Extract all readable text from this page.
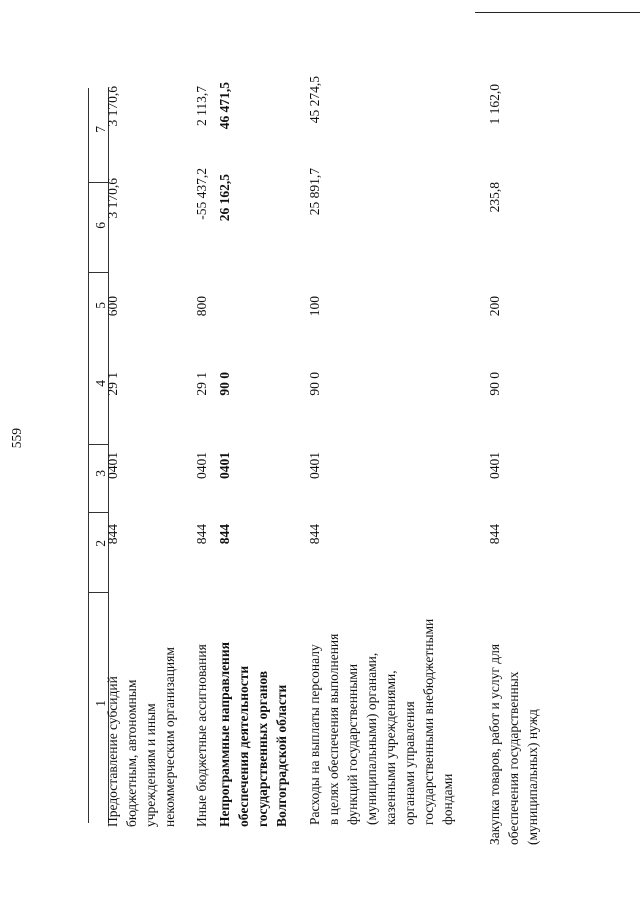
559
1
2
3
4
5
6
7
Предоставление субсидий бюджетным, автономным учреждениям и иным некоммерческим организациям
844
0401
29 1
600
3 170,6
3 170,6
Иные бюджетные ассигнования
844
0401
29 1
800
-55 437,2
2 113,7
Непрограммные направления обеспечения деятельности государственных органов Волгоградской области
844
0401
90 0
26 162,5
46 471,5
Расходы на выплаты персоналу в целях обеспечения выполнения функций государственными (муниципальными) органами, казенными учреждениями, органами управления государственными внебюджетными фондами
844
0401
90 0
100
25 891,7
45 274,5
Закупка товаров, работ и услуг для обеспечения государственных (муниципальных) нужд
844
0401
90 0
200
235,8
1 162,0
